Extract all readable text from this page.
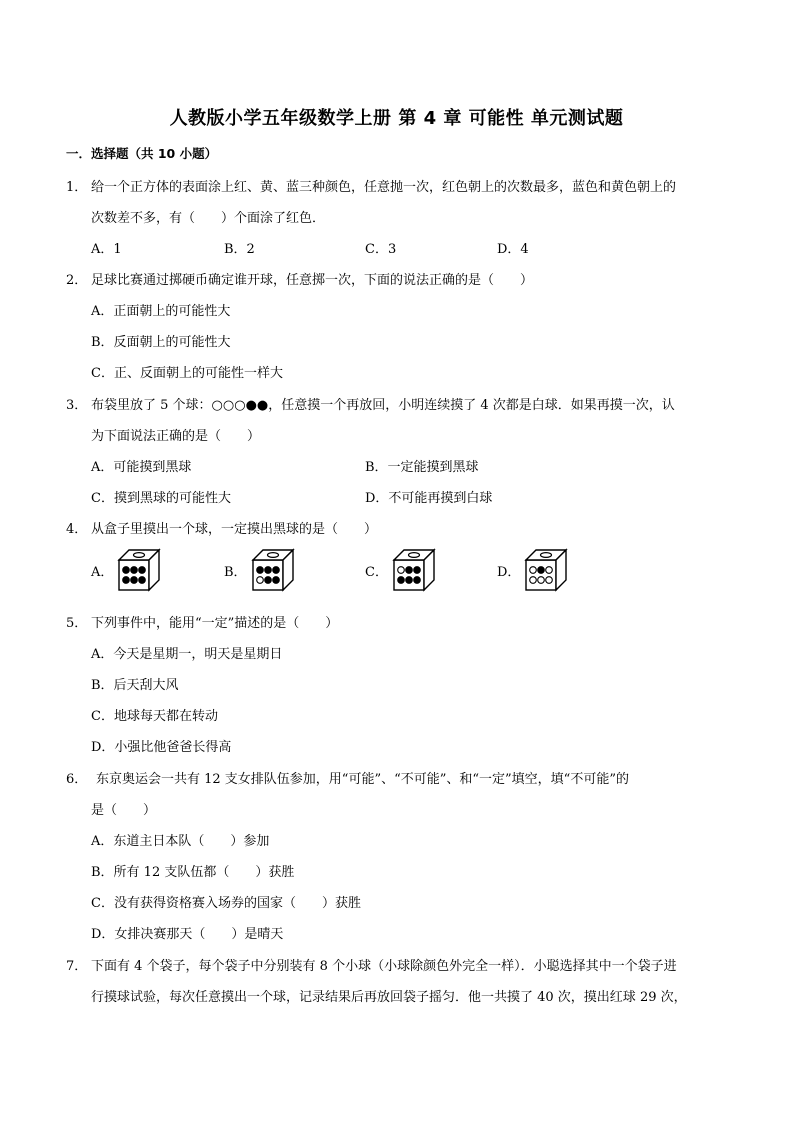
人教版小学五年级数学上册 第 4 章 可能性 单元测试题
一．选择题（共 10 小题）
1． 给一个正方体的表面涂上红、黄、蓝三种颜色，任意抛一次，红色朝上的次数最多，蓝色和黄色朝上的
次数差不多，有（　　）个面涂了红色．
A．1	B．2	C．3	D．4
2． 足球比赛通过掷硬币确定谁开球，任意掷一次，下面的说法正确的是（　　）
A．正面朝上的可能性大
B．反面朝上的可能性大
C．正、反面朝上的可能性一样大
3． 布袋里放了 5 个球：○○○●●，任意摸一个再放回，小明连续摸了 4 次都是白球．如果再摸一次，认
为下面说法正确的是（　　）
A．可能摸到黑球	B．一定能摸到黑球
C．摸到黑球的可能性大	D．不可能再摸到白球
4． 从盒子里摸出一个球，一定摸出黑球的是（　　）
A．	B．	C．	D．
5． 下列事件中，能用“一定”描述的是（　　）
A．今天是星期一，明天是星期日
B．后天刮大风
C．地球每天都在转动
D．小强比他爸爸长得高
6． 东京奥运会一共有 12 支女排队伍参加，用“可能”、“不可能”、和“一定”填空，填“不可能”的
是（　　）
A．东道主日本队（　　）参加
B．所有 12 支队伍都（　　）获胜
C．没有获得资格赛入场券的国家（　　）获胜
D．女排决赛那天（　　）是晴天
7． 下面有 4 个袋子，每个袋子中分别装有 8 个小球（小球除颜色外完全一样）．小聪选择其中一个袋子进
行摸球试验，每次任意摸出一个球，记录结果后再放回袋子摇匀．他一共摸了 40 次，摸出红球 29 次，
